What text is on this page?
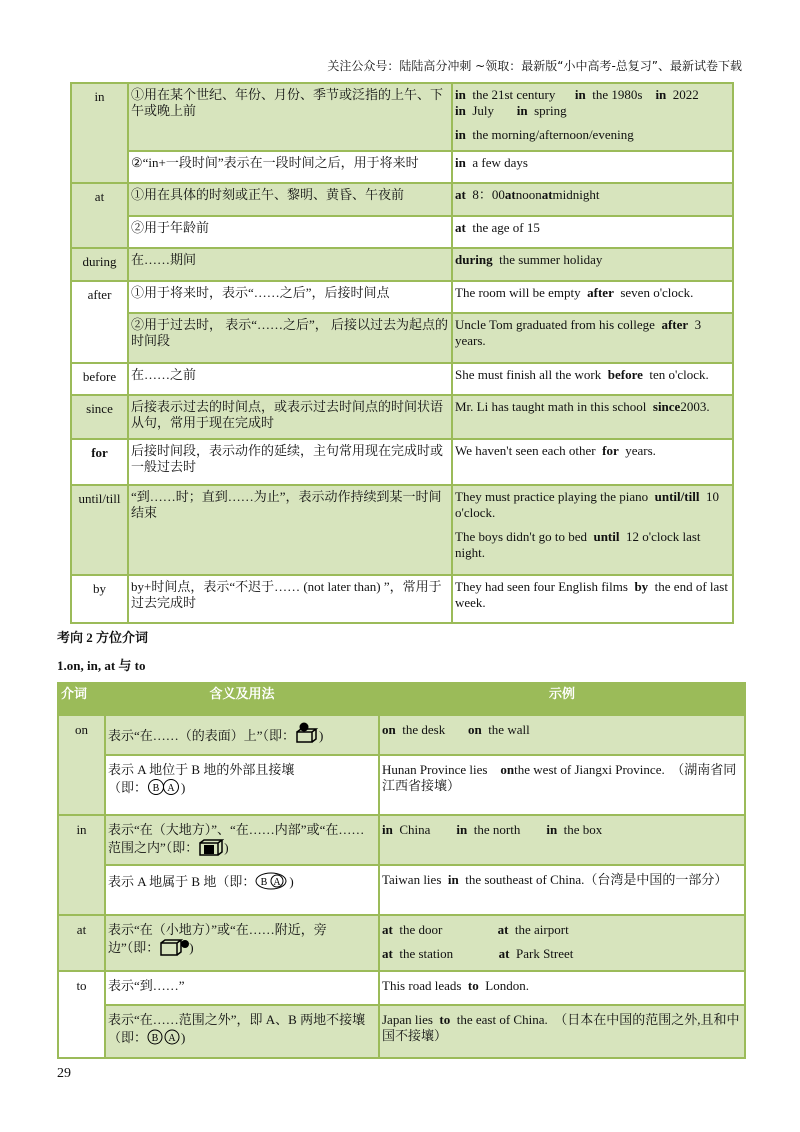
关注公众号：陆陆高分冲刺 ~领取：最新版“小中高考-总复习”、最新试卷下载
in	①用在某个世纪、年份、月份、季节或泛指的上午、下午或晚上前	in  the 21st century      in  the 1980s    in  2022
in  July       in  spring

in  the morning/afternoon/evening

	②“in+一段时间”表示在一段时间之后，用于将来时	in  a few days

at	①用在具体的时刻或正午、黎明、黄昏、午夜前	at  8：00atnoonatmidnight

	②用于年龄前	at  the age of 15

during	在……期间	during  the summer holiday

after	①用于将来时，表示“……之后”，后接时间点	The room will be empty  after  seven o'clock.

	②用于过去时， 表示“……之后”， 后接以过去为起点的时间段	Uncle Tom graduated from his college  after  3 years.

before	在……之前	She must finish all the work  before  ten o'clock.

since	后接表示过去的时间点，或表示过去时间点的时间状语从句，常用于现在完成时	Mr. Li has taught math in this school  since2003.

for	后接时间段，表示动作的延续，主句常用现在完成时或一般过去时	We haven't seen each other  for  years.

until/till	“到……时；直到……为止”，表示动作持续到某一时间结束	They must practice playing the piano  until/till  10 o'clock.

The boys didn't go to bed  until  12 o'clock last night.

by	by+时间点，表示“不迟于…… (not later than) ”，常用于过去完成时	They had seen four English films  by  the end of last week.

考向 2 方位介词
1.on, in, at 与 to
介词	含义及用法	示例
on	表示“在……（的表面）上”（即： )	on  the desk       on  the wall

	表示 A 地位于 B 地的外部且接壤
（即： B A )	Hunan Province lies    onthe west of Jiangxi Province.  （湖南省同江西省接壤）

in	表示“在（大地方）”、“在……内部”或“在……范围之内”（即： )	in  China        in  the north        in  the box

	表示 A 地属于 B 地（即： B A )	Taiwan lies  in  the southeast of China.（台湾是中国的一部分）

at	表示“在（小地方）”或“在……附近，旁边”（即： )	at  the door                 at  the airport

at  the station              at  Park Street

to	表示“到……”	This road leads  to  London.

	表示“在……范围之外”，即 A、B 两地不接壤（即： B A )	Japan lies  to  the east of China.  （日本在中国的范围之外,且和中国不接壤）

29
